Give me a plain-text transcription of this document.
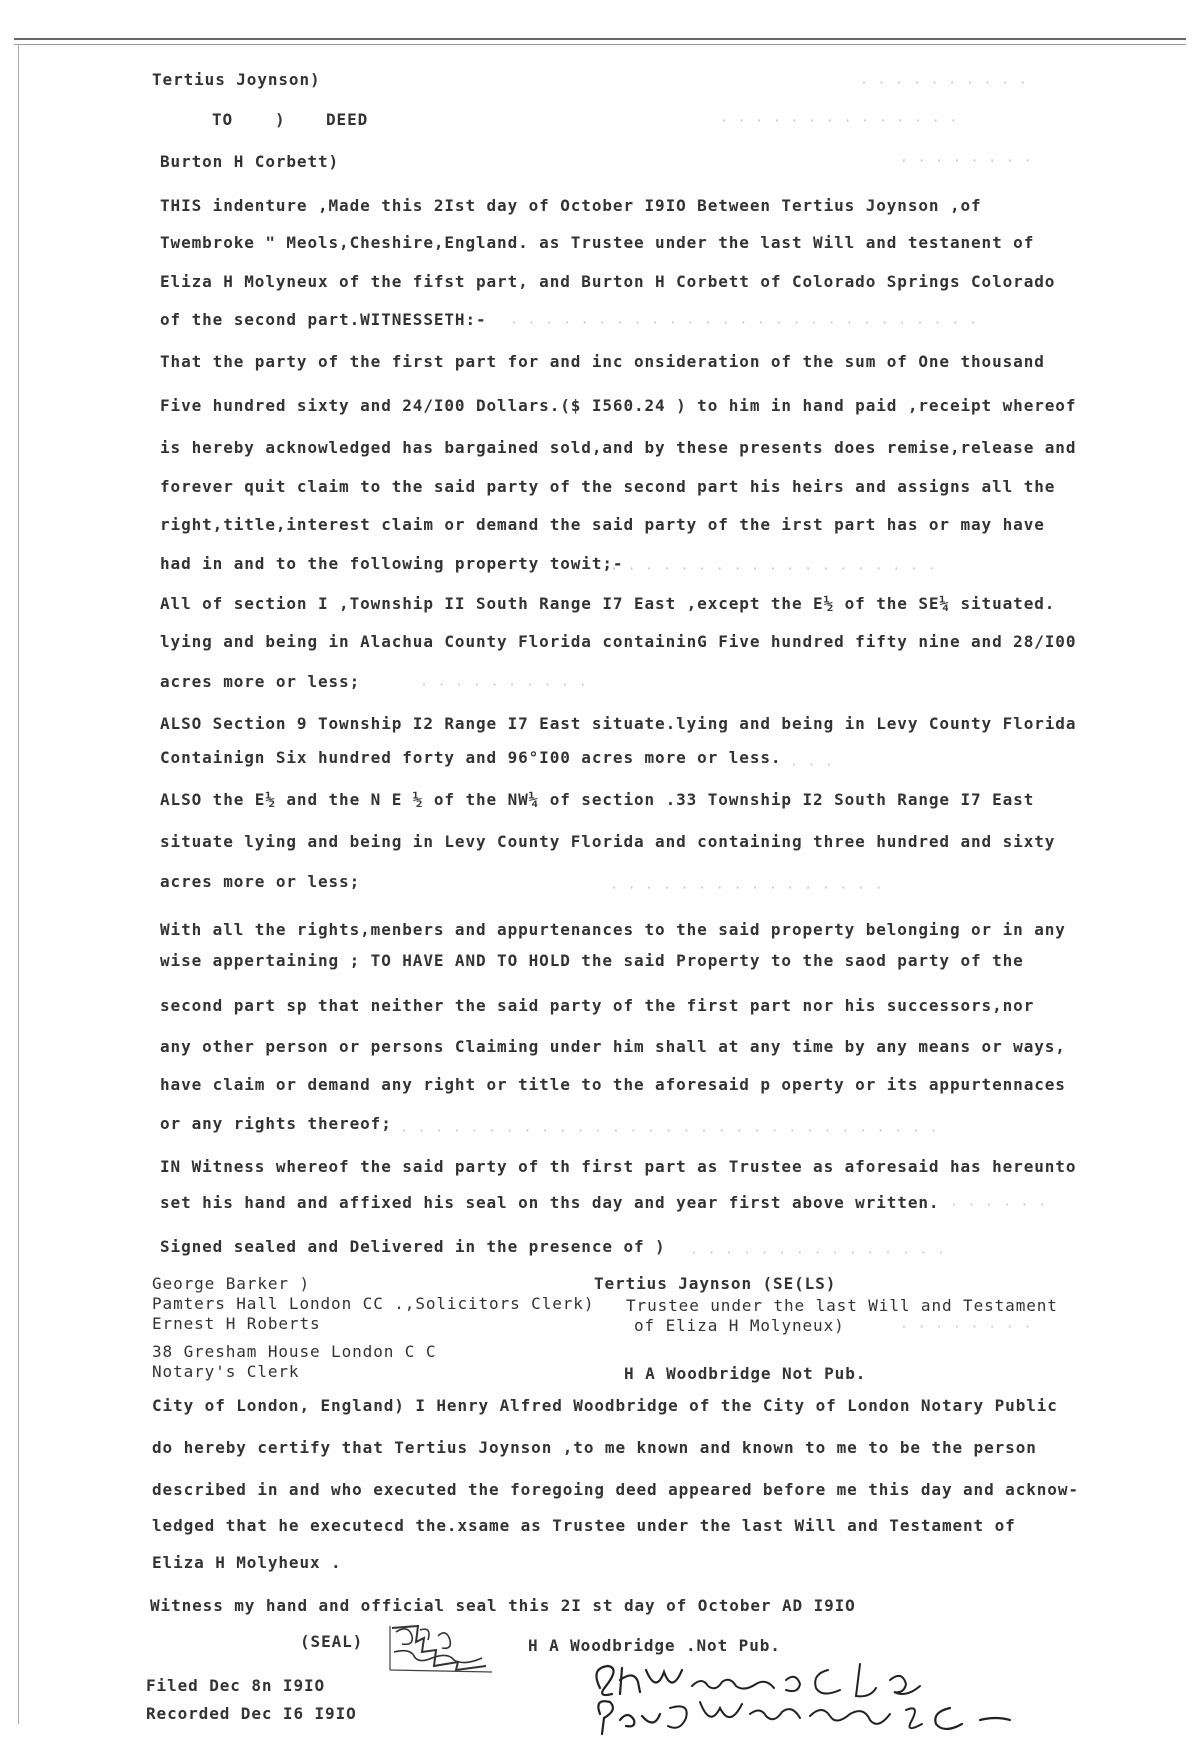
Tertius Joynson)
TO	)	DEED
Burton H Corbett)
· · · · · · · · · ·
· · · · · · · · · · · · · ·
· · · · · · · ·
· · · · · · · · · · · · · · · · · · · · · · · · · · ·
· · · · · · · · · · · · · · · · · · ·
· · · · · · · · · ·
· · ·
· · · · · · · · · · · · · · · ·
· · · · · · · · · · · · · · · · · · · · · · · · · · · · · · ·
· · · · · ·
· · · · · · · · · · · · · · ·
· · · · · · · ·
THIS indenture ,Made this 2Ist day of October I9IO Between Tertius Joynson ,of
Twembroke " Meols,Cheshire,England. as Trustee under the last Will and testanent of
Eliza H Molyneux of the fifst part, and Burton H Corbett of Colorado Springs Colorado
of the second part.WITNESSETH:-
That the party of the first part for and inc onsideration of the sum of One thousand
Five hundred sixty and 24/I00 Dollars.($ I560.24 ) to him in hand paid ,receipt whereof
is hereby acknowledged has bargained sold,and by these presents does remise,release and
forever quit claim to the said party of the second part his heirs and assigns all the
right,title,interest claim or demand the said party of the irst part has or may have
had in and to the following property towit;-
All of section I ,Township II South Range I7 East ,except the E½ of the SE¼ situated.
lying and being in Alachua County Florida containinG Five hundred fifty nine and 28/I00
acres more or less;
ALSO Section 9 Township I2 Range I7 East situate.lying and being in Levy County Florida
Containign Six hundred forty and 96°I00 acres more or less.
ALSO the E½ and the N E ½ of the NW¼ of section .33 Township I2 South Range I7 East
situate lying and being in Levy County Florida and containing three hundred and sixty
acres more or less;
With all the rights,menbers and appurtenances to the said property belonging or in any
wise appertaining ; TO HAVE AND TO HOLD the said Property to the saod party of the
second part sp that neither the said party of the first part nor his successors,nor
any other person or persons Claiming under him shall at any time by any means or ways,
have claim or demand any right or title to the aforesaid p operty or its appurtennaces
or any rights thereof;
IN Witness whereof the said party of th first part as Trustee as aforesaid has hereunto
set his hand and affixed his seal on ths day and year first above written.
Signed sealed and Delivered in the presence of )
George Barker )	Tertius Jaynson (SE(LS)
Pamters Hall London CC .,Solicitors Clerk) Trustee under the last Will and Testament
Ernest H Roberts	of Eliza H Molyneux)
38 Gresham House London C C
Notary's Clerk	H A Woodbridge Not Pub.
City of London, England) I Henry Alfred Woodbridge of the City of London Notary Public
do hereby certify that Tertius Joynson ,to me known and known to me to be the person
described in and who executed the foregoing deed appeared before me this day and acknow-
ledged that he executecd the.xsame as Trustee under the last Will and Testament of
Eliza H Molyheux .
Witness my hand and official seal this 2I st day of October AD I9IO
(SEAL)	H A Woodbridge .Not Pub.
Filed Dec 8n I9IO
Recorded Dec I6 I9IO
